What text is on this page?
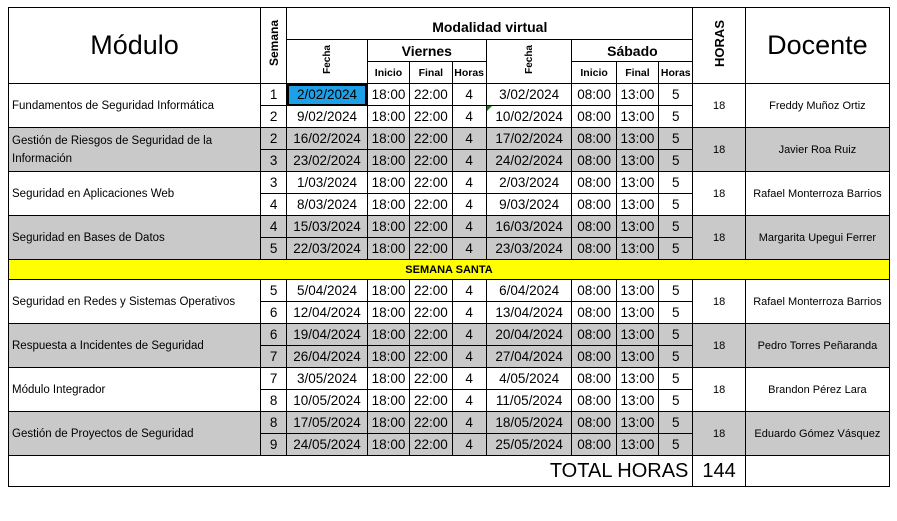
Módulo	Semana	Modalidad virtual								HORAS	Docente
		Fecha	Viernes			Fecha	Sábado				
			Inicio	Final	Horas		Inicio	Final	Horas		
Fundamentos de Seguridad Informática	1	2/02/2024	18:00	22:00	4	3/02/2024	08:00	13:00	5	18	Freddy Muñoz Ortiz
	2	9/02/2024	18:00	22:00	4	10/02/2024	08:00	13:00	5		
Gestión de Riesgos de Seguridad de la Información	2	16/02/2024	18:00	22:00	4	17/02/2024	08:00	13:00	5	18	Javier Roa Ruiz
	3	23/02/2024	18:00	22:00	4	24/02/2024	08:00	13:00	5		
Seguridad en Aplicaciones Web	3	1/03/2024	18:00	22:00	4	2/03/2024	08:00	13:00	5	18	Rafael Monterroza Barrios
	4	8/03/2024	18:00	22:00	4	9/03/2024	08:00	13:00	5		
Seguridad en Bases de Datos	4	15/03/2024	18:00	22:00	4	16/03/2024	08:00	13:00	5	18	Margarita Upegui Ferrer
	5	22/03/2024	18:00	22:00	4	23/03/2024	08:00	13:00	5		
SEMANA SANTA											
Seguridad en Redes y Sistemas Operativos	5	5/04/2024	18:00	22:00	4	6/04/2024	08:00	13:00	5	18	Rafael Monterroza Barrios
	6	12/04/2024	18:00	22:00	4	13/04/2024	08:00	13:00	5		
Respuesta a Incidentes de Seguridad	6	19/04/2024	18:00	22:00	4	20/04/2024	08:00	13:00	5	18	Pedro Torres Peñaranda
	7	26/04/2024	18:00	22:00	4	27/04/2024	08:00	13:00	5		
Módulo Integrador	7	3/05/2024	18:00	22:00	4	4/05/2024	08:00	13:00	5	18	Brandon Pérez Lara
	8	10/05/2024	18:00	22:00	4	11/05/2024	08:00	13:00	5		
Gestión de Proyectos de Seguridad	8	17/05/2024	18:00	22:00	4	18/05/2024	08:00	13:00	5	18	Eduardo Gómez Vásquez
	9	24/05/2024	18:00	22:00	4	25/05/2024	08:00	13:00	5		
TOTAL HORAS										144	
